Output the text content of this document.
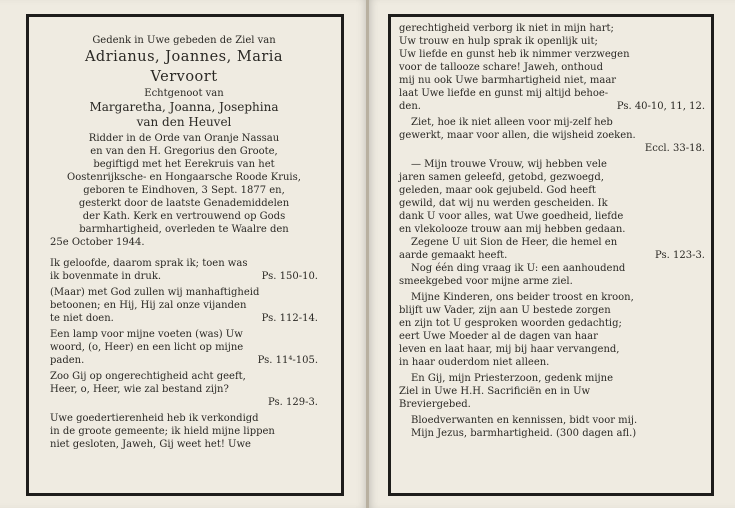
Gedenk in Uwe gebeden de Ziel van
Adrianus, Joannes, Maria
Vervoort
Echtgenoot van
Margaretha, Joanna, Josephina
van den Heuvel
Ridder in de Orde van Oranje Nassau
en van den H. Gregorius den Groote,
begiftigd met het Eerekruis van het
Oostenrijksche- en Hongaarsche Roode Kruis,
geboren te Eindhoven, 3 Sept. 1877 en,
gesterkt door de laatste Genademiddelen
der Kath. Kerk en vertrouwend op Gods
barmhartigheid, overleden te Waalre den
25e October 1944.
Ik geloofde, daarom sprak ik; toen was
ik bovenmate in druk.	Ps. 150-10.
(Maar) met God zullen wij manhaftigheid
betoonen; en Hij, Hij zal onze vijanden
te niet doen.	Ps. 112-14.
Een lamp voor mijne voeten (was) Uw
woord, (o, Heer) en een licht op mijne
paden.	Ps. 11⁴-105.
Zoo Gij op ongerechtigheid acht geeft,
Heer, o, Heer, wie zal bestand zijn?
Ps. 129-3.
Uwe goedertierenheid heb ik verkondigd
in de groote gemeente; ik hield mijne lippen
niet gesloten, Jaweh, Gij weet het! Uwe
gerechtigheid verborg ik niet in mijn hart;
Uw trouw en hulp sprak ik openlijk uit;
Uw liefde en gunst heb ik nimmer verzwegen
voor de tallooze schare! Jaweh, onthoud
mij nu ook Uwe barmhartigheid niet, maar
laat Uwe liefde en gunst mij altijd behoe-
den.	Ps. 40-10, 11, 12.
Ziet, hoe ik niet alleen voor mij-zelf heb
gewerkt, maar voor allen, die wijsheid zoeken.
Eccl. 33-18.
— Mijn trouwe Vrouw, wij hebben vele
jaren samen geleefd, getobd, gezwoegd,
geleden, maar ook gejubeld. God heeft
gewild, dat wij nu werden gescheiden. Ik
dank U voor alles, wat Uwe goedheid, liefde
en vlekolooze trouw aan mij hebben gedaan.
Zegene U uit Sion de Heer, die hemel en
aarde gemaakt heeft.	Ps. 123-3.
Nog één ding vraag ik U: een aanhoudend
smeekgebed voor mijne arme ziel.
Mijne Kinderen, ons beider troost en kroon,
blijft uw Vader, zijn aan U bestede zorgen
en zijn tot U gesproken woorden gedachtig;
eert Uwe Moeder al de dagen van haar
leven en laat haar, mij bij haar vervangend,
in haar ouderdom niet alleen.
En Gij, mijn Priesterzoon, gedenk mijne
Ziel in Uwe H.H. Sacrificiën en in Uw
Breviergebed.
Bloedverwanten en kennissen, bidt voor mij.
Mijn Jezus, barmhartigheid. (300 dagen afl.)
